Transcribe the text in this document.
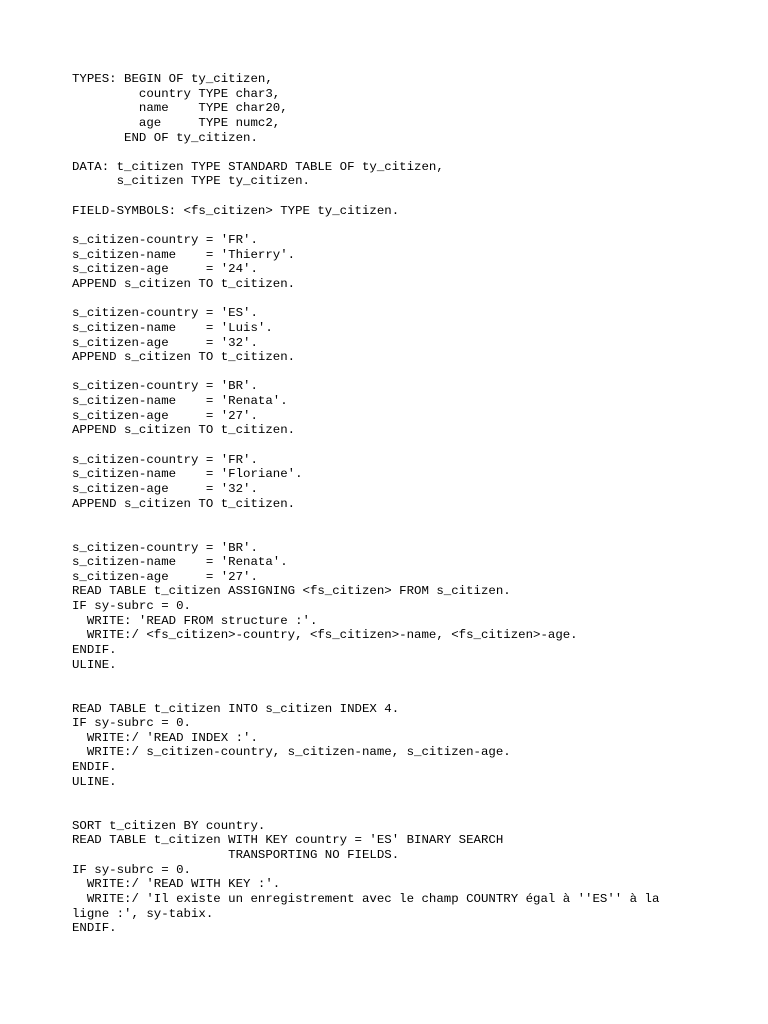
TYPES: BEGIN OF ty_citizen,
country TYPE char3,
name    TYPE char20,
age     TYPE numc2,
END OF ty_citizen.
DATA: t_citizen TYPE STANDARD TABLE OF ty_citizen,
s_citizen TYPE ty_citizen.
FIELD-SYMBOLS: <fs_citizen> TYPE ty_citizen.
s_citizen-country = 'FR'.
s_citizen-name    = 'Thierry'.
s_citizen-age     = '24'.
APPEND s_citizen TO t_citizen.
s_citizen-country = 'ES'.
s_citizen-name    = 'Luis'.
s_citizen-age     = '32'.
APPEND s_citizen TO t_citizen.
s_citizen-country = 'BR'.
s_citizen-name    = 'Renata'.
s_citizen-age     = '27'.
APPEND s_citizen TO t_citizen.
s_citizen-country = 'FR'.
s_citizen-name    = 'Floriane'.
s_citizen-age     = '32'.
APPEND s_citizen TO t_citizen.
s_citizen-country = 'BR'.
s_citizen-name    = 'Renata'.
s_citizen-age     = '27'.
READ TABLE t_citizen ASSIGNING <fs_citizen> FROM s_citizen.
IF sy-subrc = 0.
WRITE: 'READ FROM structure :'.
WRITE:/ <fs_citizen>-country, <fs_citizen>-name, <fs_citizen>-age.
ENDIF.
ULINE.
READ TABLE t_citizen INTO s_citizen INDEX 4.
IF sy-subrc = 0.
WRITE:/ 'READ INDEX :'.
WRITE:/ s_citizen-country, s_citizen-name, s_citizen-age.
ENDIF.
ULINE.
SORT t_citizen BY country.
READ TABLE t_citizen WITH KEY country = 'ES' BINARY SEARCH
TRANSPORTING NO FIELDS.
IF sy-subrc = 0.
WRITE:/ 'READ WITH KEY :'.
WRITE:/ 'Il existe un enregistrement avec le champ COUNTRY égal à ''ES'' à la
ligne :', sy-tabix.
ENDIF.
